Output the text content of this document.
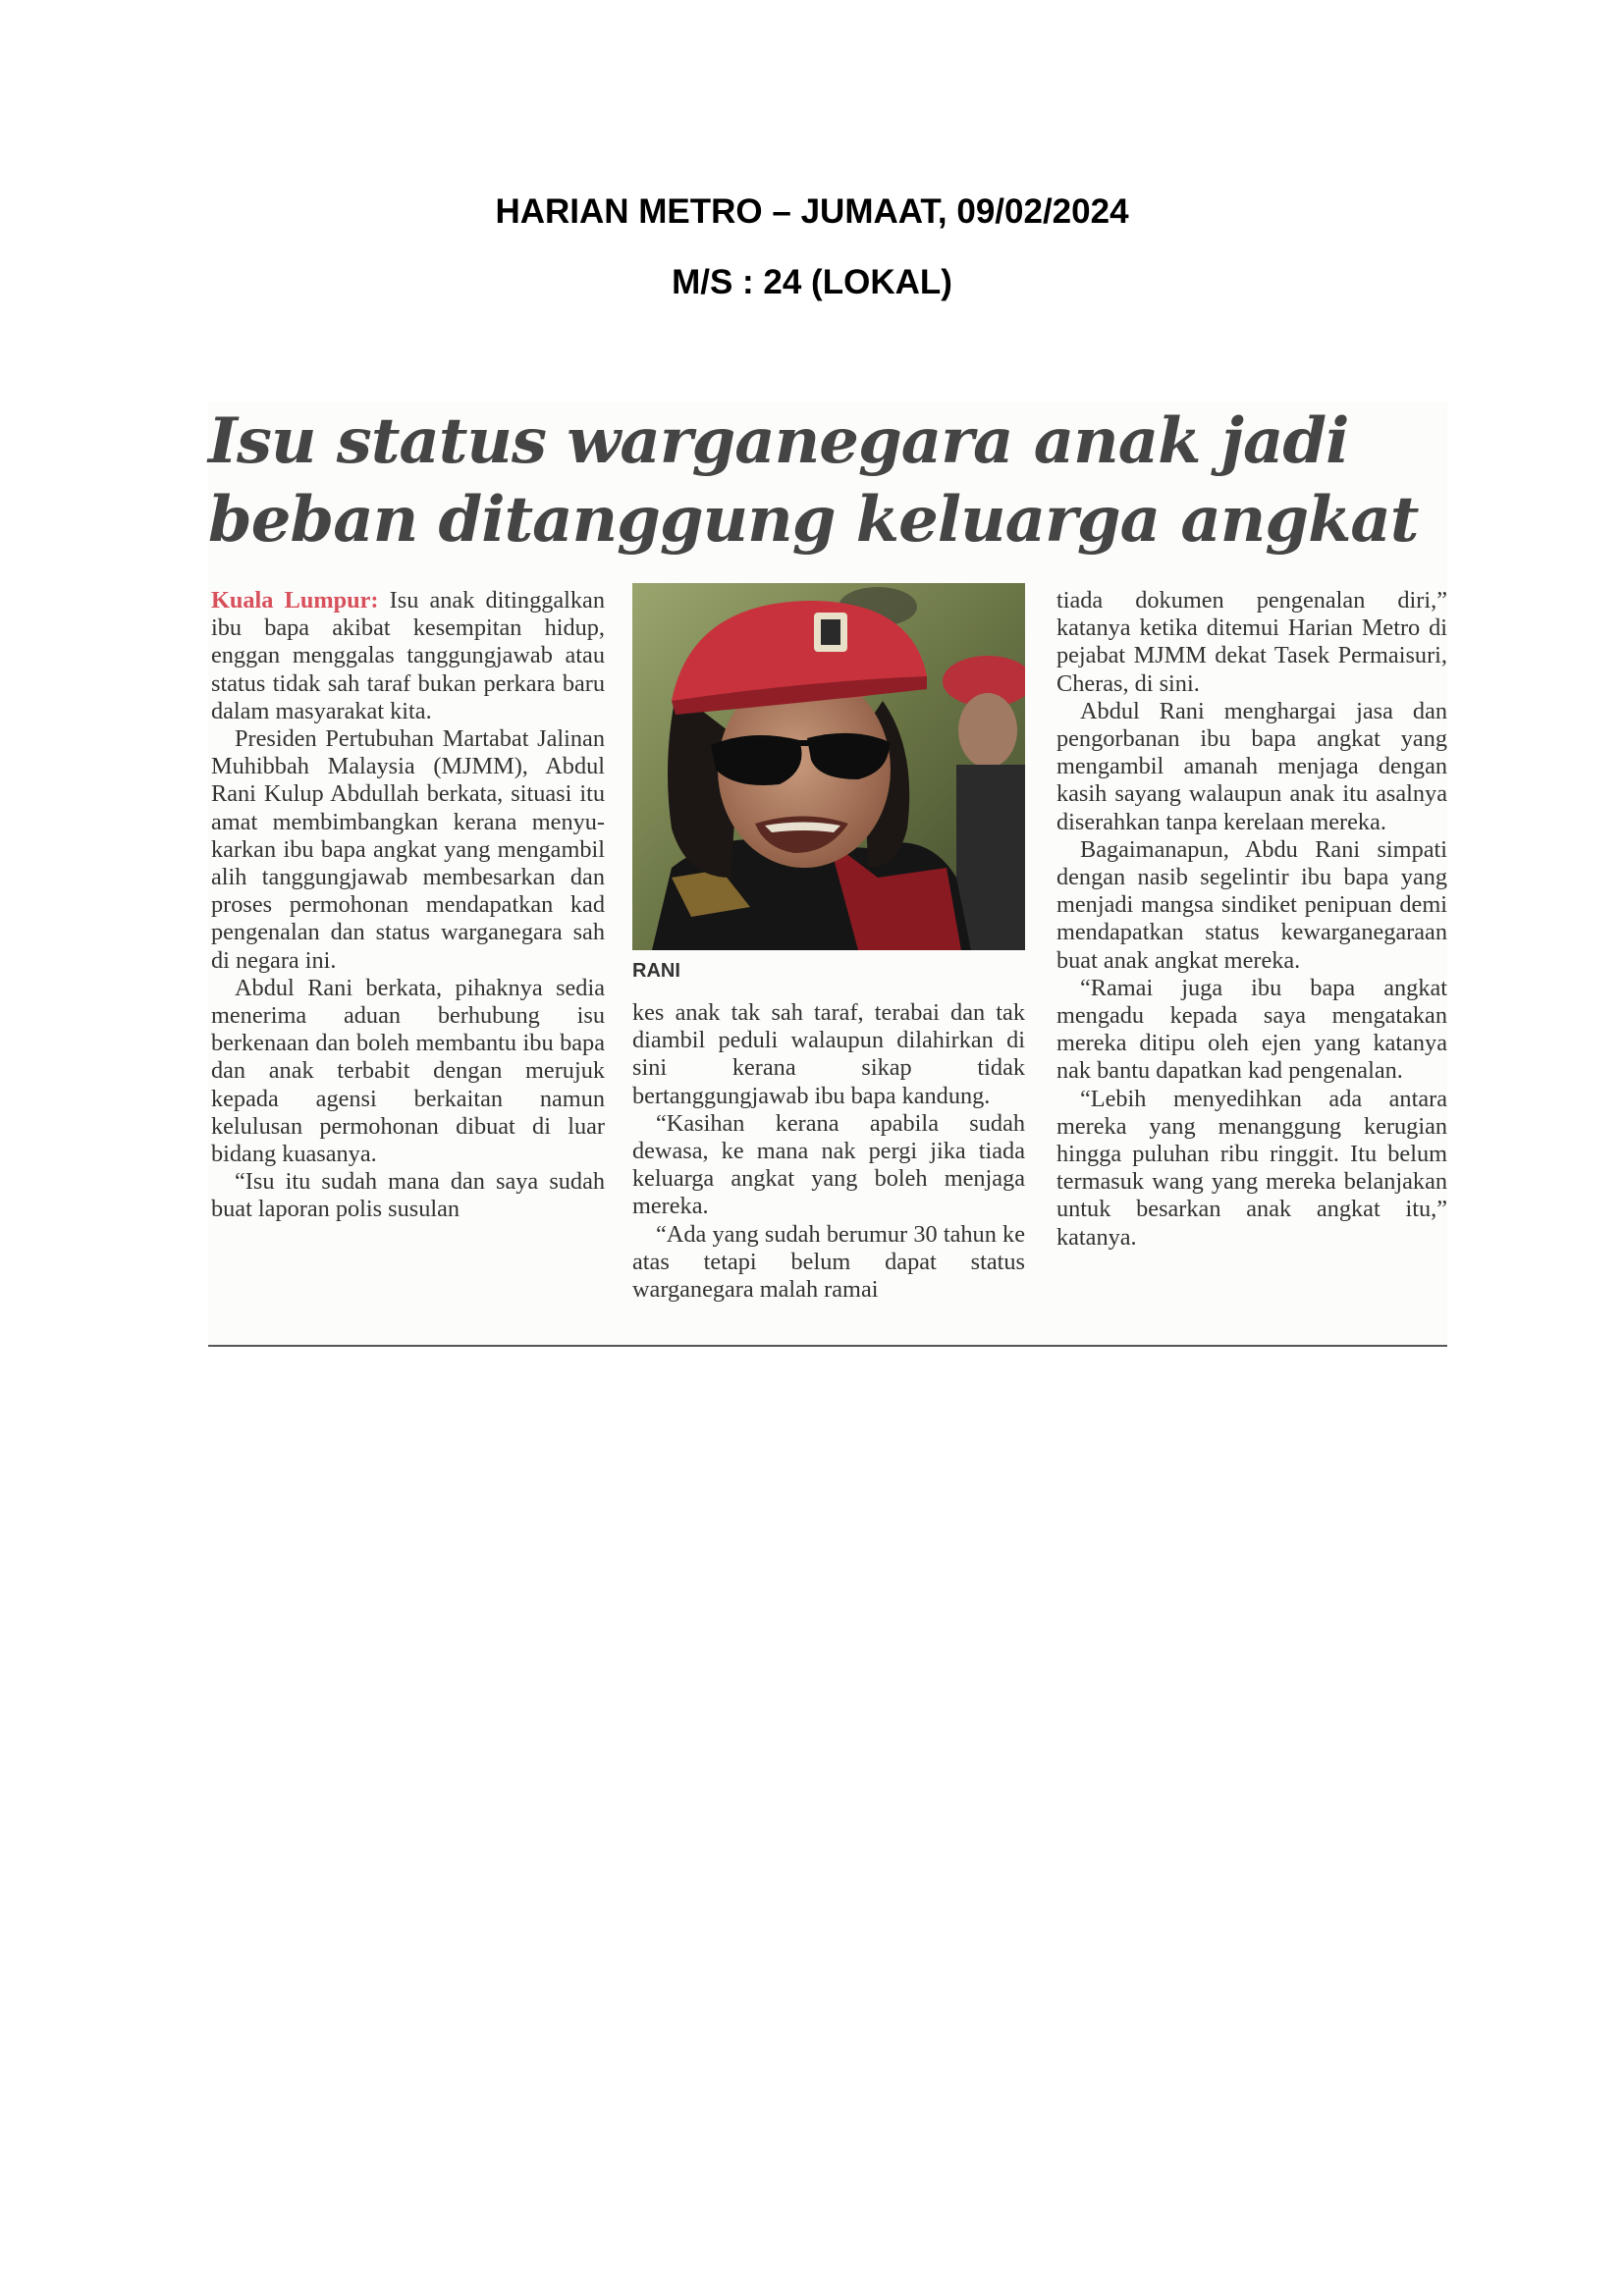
HARIAN METRO – JUMAAT, 09/02/2024
M/S : 24 (LOKAL)
Isu status warganegara anak jadi
beban ditanggung keluarga angkat

Kuala Lumpur: Isu anak ditinggalkan ibu bapa akibat kesempitan hidup, enggan menggalas tanggungjawab atau status tidak sah taraf bukan perkara baru dalam masyarakat kita.

Presiden Pertubuhan Martabat Jalinan Muhibbah Malaysia (MJMM), Abdul Rani Kulup Abdullah berkata, situasi itu amat membimbangkan kerana menyukarkan ibu bapa angkat yang mengambil alih tanggungjawab membesarkan dan proses permohonan mendapatkan kad pengenalan dan status warganegara sah di negara ini.

Abdul Rani berkata, pihaknya sedia menerima aduan berhubung isu berkenaan dan boleh membantu ibu bapa dan anak terbabit dengan merujuk kepada agensi berkaitan namun kelulusan permohonan dibuat di luar bidang kuasanya.

“Isu itu sudah mana dan saya sudah buat laporan polis susulan

RANI

kes anak tak sah taraf, terabai dan tak diambil peduli walaupun dilahirkan di sini kerana sikap tidak bertanggungjawab ibu bapa kandung.

“Kasihan kerana apabila sudah dewasa, ke mana nak pergi jika tiada keluarga angkat yang boleh menjaga mereka.

“Ada yang sudah berumur 30 tahun ke atas tetapi belum dapat status warganegara malah ramai

tiada dokumen pengenalan diri,” katanya ketika ditemui Harian Metro di pejabat MJMM dekat Tasek Permaisuri, Cheras, di sini.

Abdul Rani menghargai jasa dan pengorbanan ibu bapa angkat yang mengambil amanah menjaga dengan kasih sayang walaupun anak itu asalnya diserahkan tanpa kerelaan mereka.

Bagaimanapun, Abdu Rani simpati dengan nasib segelintir ibu bapa yang menjadi mangsa sindiket penipuan demi mendapatkan status kewarganegaraan buat anak angkat mereka.

“Ramai juga ibu bapa angkat mengadu kepada saya mengatakan mereka ditipu oleh ejen yang katanya nak bantu dapatkan kad pengenalan.

“Lebih menyedihkan ada antara mereka yang menanggung kerugian hingga puluhan ribu ringgit. Itu belum termasuk wang yang mereka belanjakan untuk besarkan anak angkat itu,” katanya.
